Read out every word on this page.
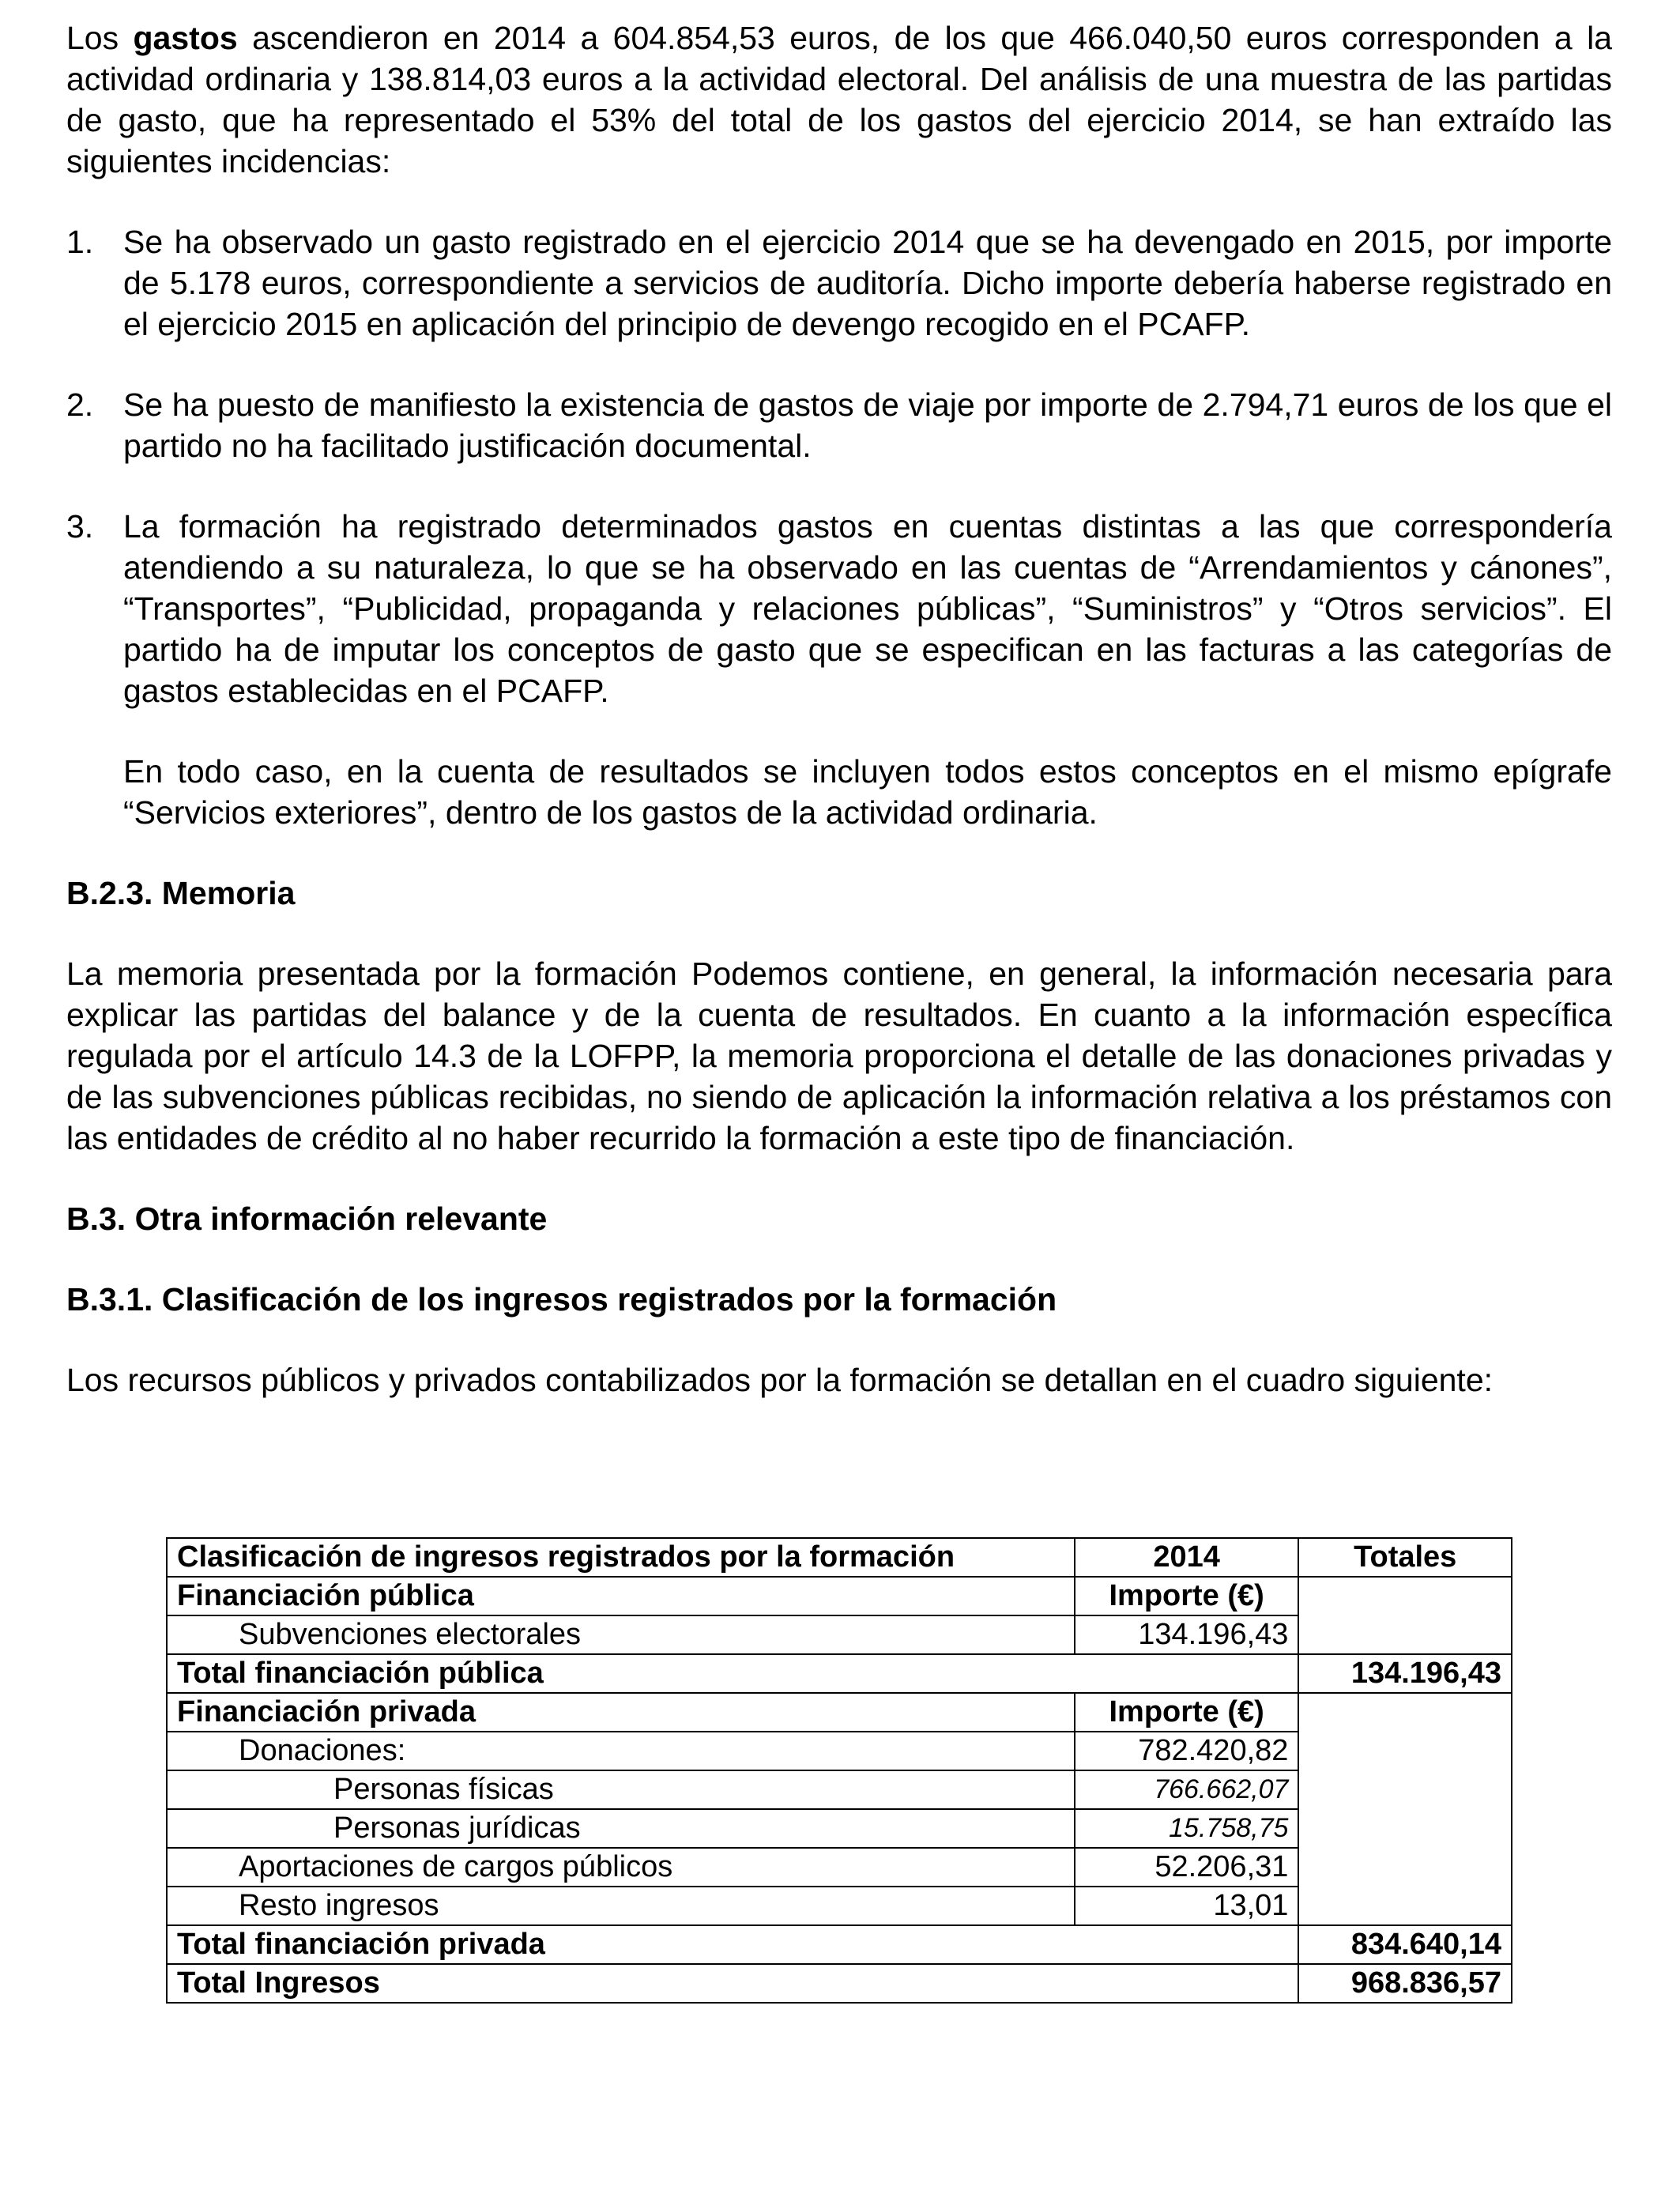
Los gastos ascendieron en 2014 a 604.854,53 euros, de los que 466.040,50 euros corresponden a la actividad ordinaria y 138.814,03 euros a la actividad electoral. Del análisis de una muestra de las partidas de gasto, que ha representado el 53% del total de los gastos del ejercicio 2014, se han extraído las siguientes incidencias:

1. Se ha observado un gasto registrado en el ejercicio 2014 que se ha devengado en 2015, por importe de 5.178 euros, correspondiente a servicios de auditoría. Dicho importe debería haberse registrado en el ejercicio 2015 en aplicación del principio de devengo recogido en el PCAFP.
2. Se ha puesto de manifiesto la existencia de gastos de viaje por importe de 2.794,71 euros de los que el partido no ha facilitado justificación documental.
3. La formación ha registrado determinados gastos en cuentas distintas a las que correspondería atendiendo a su naturaleza, lo que se ha observado en las cuentas de “Arrendamientos y cánones”, “Transportes”, “Publicidad, propaganda y relaciones públicas”, “Suministros” y “Otros servicios”. El partido ha de imputar los conceptos de gasto que se especifican en las facturas a las categorías de gastos establecidas en el PCAFP.

En todo caso, en la cuenta de resultados se incluyen todos estos conceptos en el mismo epígrafe “Servicios exteriores”, dentro de los gastos de la actividad ordinaria.

B.2.3. Memoria

La memoria presentada por la formación Podemos contiene, en general, la información necesaria para explicar las partidas del balance y de la cuenta de resultados. En cuanto a la información específica regulada por el artículo 14.3 de la LOFPP, la memoria proporciona el detalle de las donaciones privadas y de las subvenciones públicas recibidas, no siendo de aplicación la información relativa a los préstamos con las entidades de crédito al no haber recurrido la formación a este tipo de financiación.

B.3. Otra información relevante

B.3.1. Clasificación de los ingresos registrados por la formación

Los recursos públicos y privados contabilizados por la formación se detallan en el cuadro siguiente:

Clasificación de ingresos registrados por la formación	2014	Totales
Financiación pública	Importe (€)	
Subvenciones electorales	134.196,43	
Total financiación pública		134.196,43
Financiación privada	Importe (€)	
Donaciones:	782.420,82	
Personas físicas	766.662,07	
Personas jurídicas	15.758,75	
Aportaciones de cargos públicos	52.206,31	
Resto ingresos	13,01	
Total financiación privada		834.640,14
Total Ingresos		968.836,57
